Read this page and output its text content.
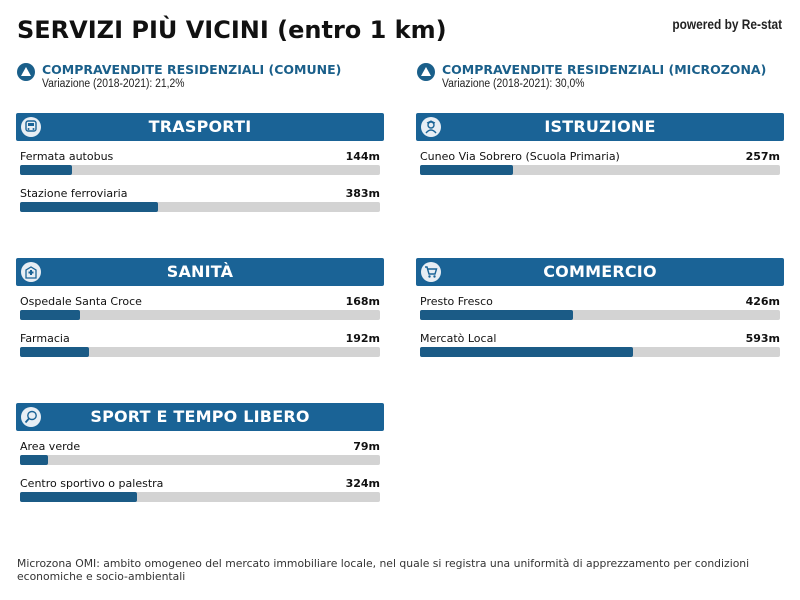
SERVIZI PIÙ VICINI (entro 1 km)	powered by Re-stat
COMPRAVENDITE RESIDENZIALI (COMUNE)
Variazione (2018-2021): 21,2%
COMPRAVENDITE RESIDENZIALI (MICROZONA)
Variazione (2018-2021): 30,0%
TRASPORTI
Fermata autobus	144m
Stazione ferroviaria	383m
ISTRUZIONE
Cuneo Via Sobrero (Scuola Primaria)	257m
SANITÀ
Ospedale Santa Croce	168m
Farmacia	192m
COMMERCIO
Presto Fresco	426m
Mercatò Local	593m
SPORT E TEMPO LIBERO
Area verde	79m
Centro sportivo o palestra	324m
Microzona OMI: ambito omogeneo del mercato immobiliare locale, nel quale si registra una uniformità di apprezzamento per condizioni economiche e socio-ambientali
